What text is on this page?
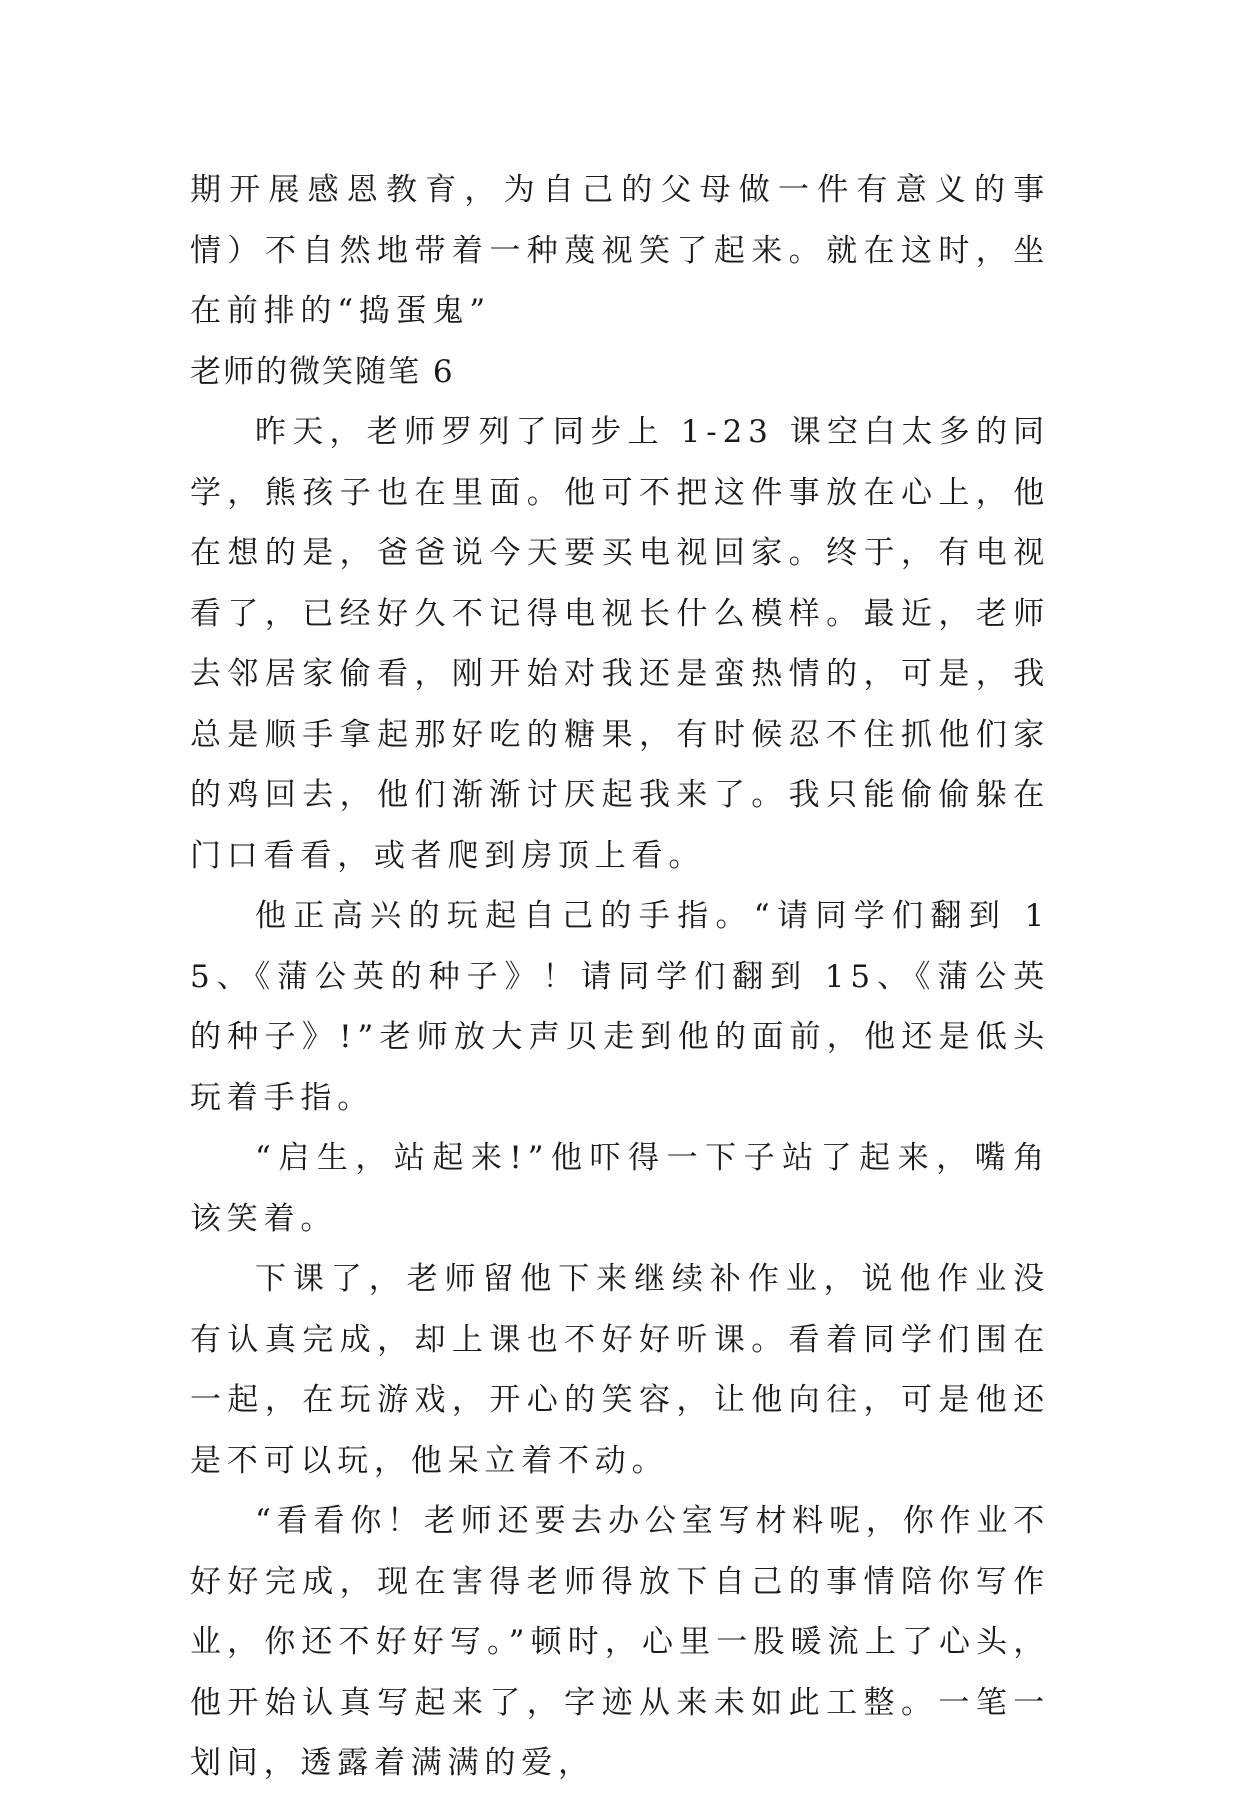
期开展感恩教育，为自己的父母做一件有意义的事情）不自然地带着一种蔑视笑了起来。就在这时，坐在前排的“捣蛋鬼”

老师的微笑随笔 6

昨天，老师罗列了同步上 1-23 课空白太多的同学，熊孩子也在里面。他可不把这件事放在心上，他在想的是，爸爸说今天要买电视回家。终于，有电视看了，已经好久不记得电视长什么模样。最近，老师去邻居家偷看，刚开始对我还是蛮热情的，可是，我总是顺手拿起那好吃的糖果，有时候忍不住抓他们家的鸡回去，他们渐渐讨厌起我来了。我只能偷偷躲在门口看看，或者爬到房顶上看。

他正高兴的玩起自己的手指。“请同学们翻到 15、《蒲公英的种子》！请同学们翻到 15、《蒲公英的种子》!”老师放大声贝走到他的面前，他还是低头玩着手指。

“启生，站起来!”他吓得一下子站了起来，嘴角该笑着。

下课了，老师留他下来继续补作业，说他作业没有认真完成，却上课也不好好听课。看着同学们围在一起，在玩游戏，开心的笑容，让他向往，可是他还是不可以玩，他呆立着不动。

“看看你！老师还要去办公室写材料呢，你作业不好好完成，现在害得老师得放下自己的事情陪你写作业，你还不好好写。”顿时，心里一股暖流上了心头，他开始认真写起来了，字迹从来未如此工整。一笔一划间，透露着满满的爱，
